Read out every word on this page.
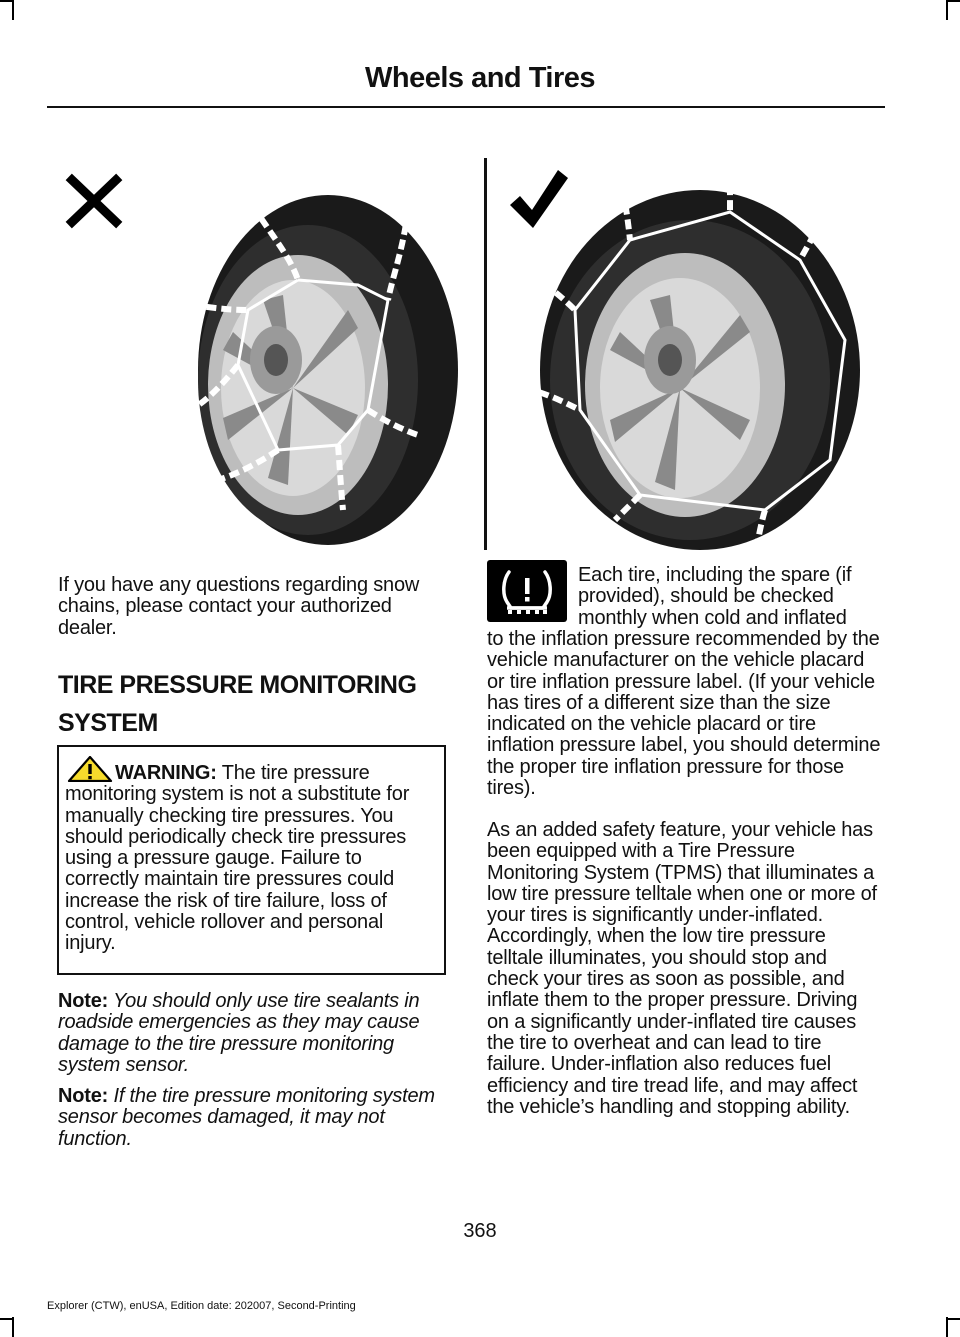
Wheels and Tires
If you have any questions regarding snow chains, please contact your authorized dealer.
TIRE PRESSURE MONITORING
SYSTEM
WARNING: The tire pressure monitoring system is not a substitute for manually checking tire pressures. You should periodically check tire pressures using a pressure gauge. Failure to correctly maintain tire pressures could increase the risk of tire failure, loss of control, vehicle rollover and personal injury.
Note: You should only use tire sealants in roadside emergencies as they may cause damage to the tire pressure monitoring system sensor.
Note: If the tire pressure monitoring system sensor becomes damaged, it may not function.
Each tire, including the spare (if provided), should be checked monthly when cold and inflated
to the inflation pressure recommended by the vehicle manufacturer on the vehicle placard or tire inflation pressure label. (If your vehicle has tires of a different size than the size indicated on the vehicle placard or tire inflation pressure label, you should determine the proper tire inflation pressure for those tires).
As an added safety feature, your vehicle has been equipped with a Tire Pressure Monitoring System (TPMS) that illuminates a low tire pressure telltale when one or more of your tires is significantly under-inflated. Accordingly, when the low tire pressure telltale illuminates, you should stop and check your tires as soon as possible, and inflate them to the proper pressure. Driving on a significantly under-inflated tire causes the tire to overheat and can lead to tire failure. Under-inflation also reduces fuel efficiency and tire tread life, and may affect the vehicle’s handling and stopping ability.
368
Explorer (CTW), enUSA, Edition date: 202007, Second-Printing
